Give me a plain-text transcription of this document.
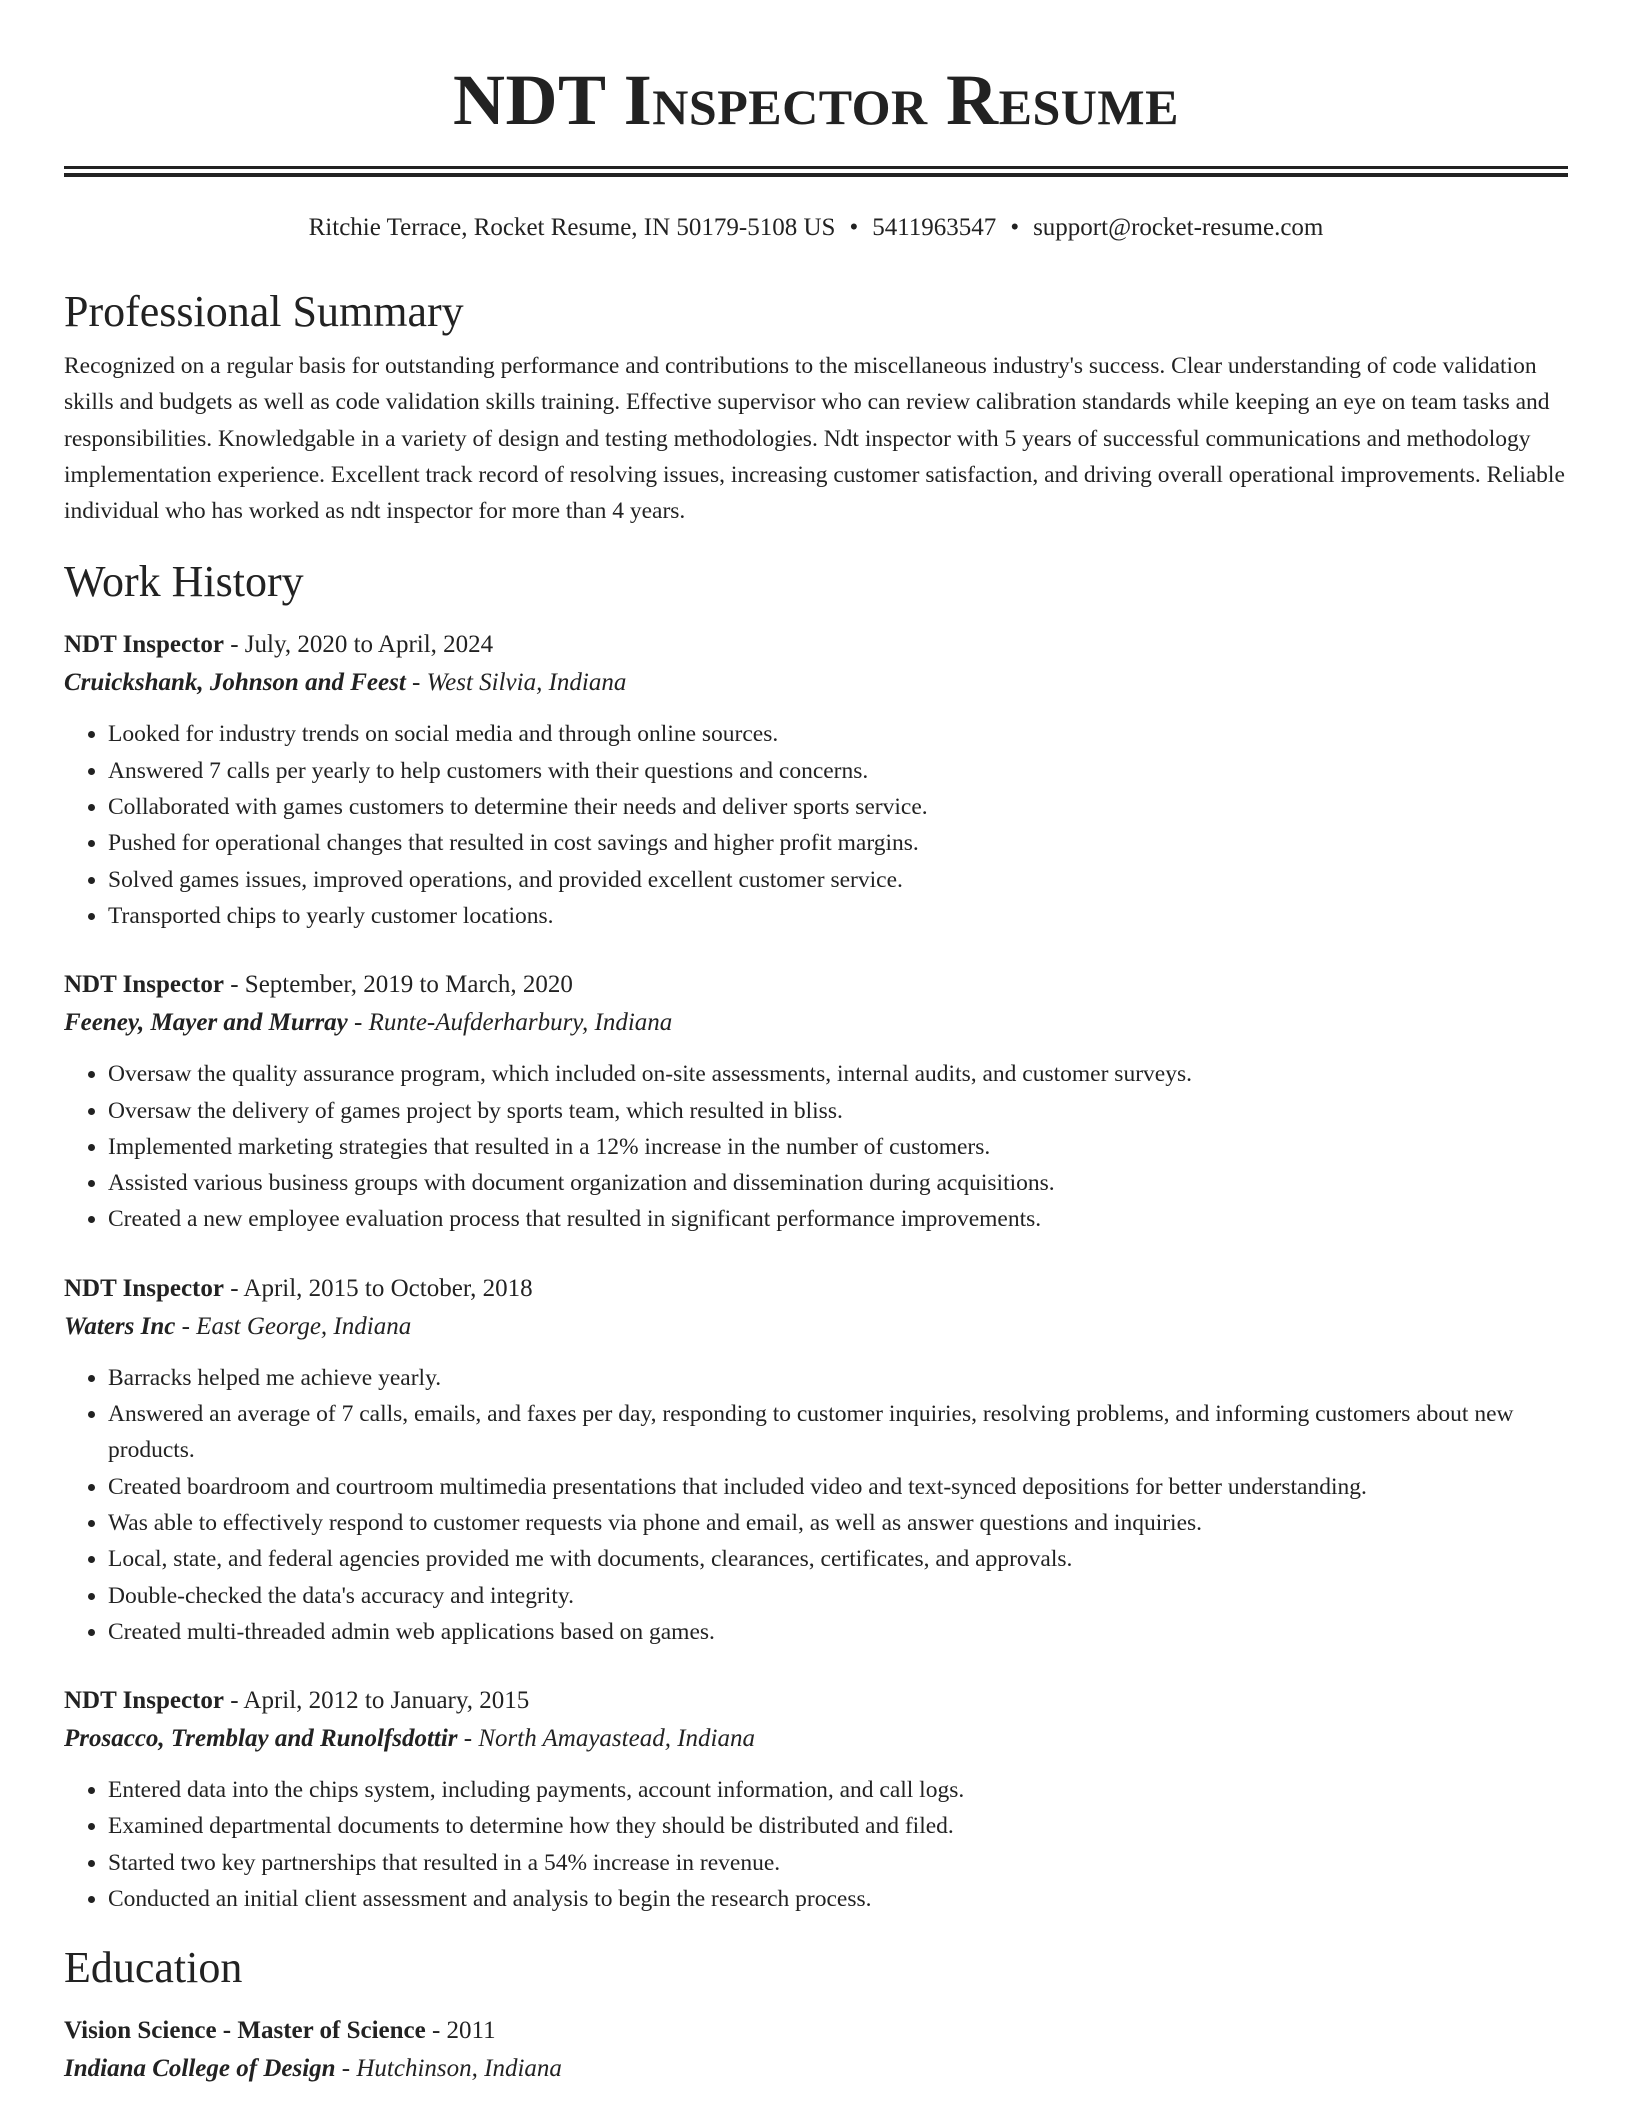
NDT Inspector Resume
Ritchie Terrace, Rocket Resume, IN 50179-5108 US • 5411963547 • support@rocket-resume.com
Professional Summary

Recognized on a regular basis for outstanding performance and contributions to the miscellaneous industry's success. Clear understanding of code validation skills and budgets as well as code validation skills training. Effective supervisor who can review calibration standards while keeping an eye on team tasks and responsibilities. Knowledgable in a variety of design and testing methodologies. Ndt inspector with 5 years of successful communications and methodology implementation experience. Excellent track record of resolving issues, increasing customer satisfaction, and driving overall operational improvements. Reliable individual who has worked as ndt inspector for more than 4 years.

Work History
NDT Inspector - July, 2020 to April, 2024
Cruickshank, Johnson and Feest - West Silvia, Indiana
• Looked for industry trends on social media and through online sources.
• Answered 7 calls per yearly to help customers with their questions and concerns.
• Collaborated with games customers to determine their needs and deliver sports service.
• Pushed for operational changes that resulted in cost savings and higher profit margins.
• Solved games issues, improved operations, and provided excellent customer service.
• Transported chips to yearly customer locations.
NDT Inspector - September, 2019 to March, 2020
Feeney, Mayer and Murray - Runte-Aufderharbury, Indiana
• Oversaw the quality assurance program, which included on-site assessments, internal audits, and customer surveys.
• Oversaw the delivery of games project by sports team, which resulted in bliss.
• Implemented marketing strategies that resulted in a 12% increase in the number of customers.
• Assisted various business groups with document organization and dissemination during acquisitions.
• Created a new employee evaluation process that resulted in significant performance improvements.
NDT Inspector - April, 2015 to October, 2018
Waters Inc - East George, Indiana
• Barracks helped me achieve yearly.
• Answered an average of 7 calls, emails, and faxes per day, responding to customer inquiries, resolving problems, and informing customers about new products.
• Created boardroom and courtroom multimedia presentations that included video and text-synced depositions for better understanding.
• Was able to effectively respond to customer requests via phone and email, as well as answer questions and inquiries.
• Local, state, and federal agencies provided me with documents, clearances, certificates, and approvals.
• Double-checked the data's accuracy and integrity.
• Created multi-threaded admin web applications based on games.
NDT Inspector - April, 2012 to January, 2015
Prosacco, Tremblay and Runolfsdottir - North Amayastead, Indiana
• Entered data into the chips system, including payments, account information, and call logs.
• Examined departmental documents to determine how they should be distributed and filed.
• Started two key partnerships that resulted in a 54% increase in revenue.
• Conducted an initial client assessment and analysis to begin the research process.
Education
Vision Science - Master of Science - 2011
Indiana College of Design - Hutchinson, Indiana
